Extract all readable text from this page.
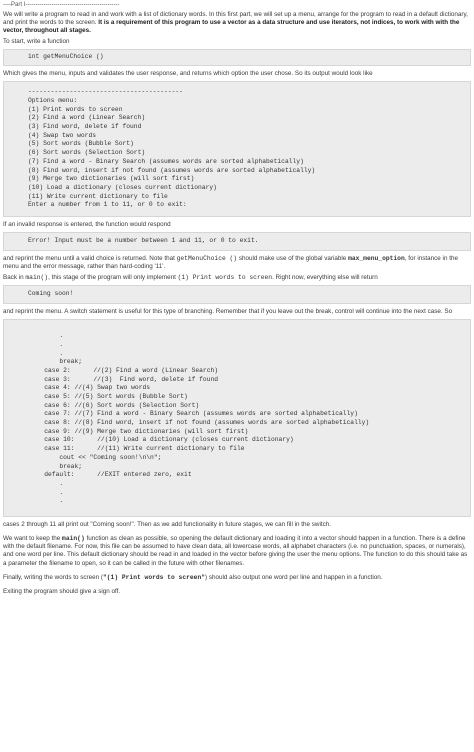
----Part I-----------------------------------------------

We will write a program to read in and work with a list of dictionary words. In this first part, we will set up a menu, arrange for the program to read in a default dictionary, and print the words to the screen. It is a requirement of this program to use a vector as a data structure and use iterators, not indices, to work with with the vector, throughout all stages.

To start, write a function

int getMenuChoice ()

Which gives the menu, inputs and validates the user response, and returns which option the user chose. So its output would look like

-----------------------------------------
Options menu:
(1) Print words to screen
(2) Find a word (Linear Search)
(3) Find word, delete if found
(4) Swap two words
(5) Sort words (Bubble Sort)
(6) Sort words (Selection Sort)
(7) Find a word - Binary Search (assumes words are sorted alphabetically)
(8) Find word, insert if not found (assumes words are sorted alphabetically)
(9) Merge two dictionaries (will sort first)
(10) Load a dictionary (closes current dictionary)
(11) Write current dictionary to file
Enter a number from 1 to 11, or 0 to exit:

If an invalid response is entered, the function would respond

Error! Input must be a number between 1 and 11, or 0 to exit.

and reprint the menu until a valid choice is returned. Note that getMenuChoice () should make use of the global variable max_menu_option, for instance in the menu and the error message, rather than hard-coding '11'.

Back in main(), this stage of the program will only implement (1) Print words to screen. Right now, everything else will return

Coming soon!

and reprint the menu. A switch statement is useful for this type of branching. Remember that if you leave out the break, control will continue into the next case. So

.
.
.
break;
case 2:      //(2) Find a word (Linear Search)
case 3:      //(3)  Find word, delete if found
case 4: //(4) Swap two words
case 5: //(5) Sort words (Bubble Sort)
case 6: //(6) Sort words (Selection Sort)
case 7: //(7) Find a word - Binary Search (assumes words are sorted alphabetically)
case 8: //(8) Find word, insert if not found (assumes words are sorted alphabetically)
case 9: //(9) Merge two dictionaries (will sort first)
case 10:      //(10) Load a dictionary (closes current dictionary)
case 11:      //(11) Write current dictionary to file
cout << "Coming soon!\n\n";
break;
default:      //EXIT entered zero, exit
.
.
.

cases 2 through 11 all print out "Coming soon!". Then as we add functionality in future stages, we can fill in the switch.

We want to keep the main() function as clean as possible, so opening the default dictionary and loading it into a vector should happen in a function. There is a define with the default filename. For now, this file can be assumed to have clean data, all lowercase words, all alphabet characters (i.e. no punctuation, spaces, or numerals), and one word per line. This default dictionary should be read in and loaded in the vector before giving the user the menu options. The function to do this should take as a parameter the filename to open, so it can be called in the future with other filenames.

Finally, writing the words to screen ("(1) Print words to screen") should also output one word per line and happen in a function.

Exiting the program should give a sign off.
